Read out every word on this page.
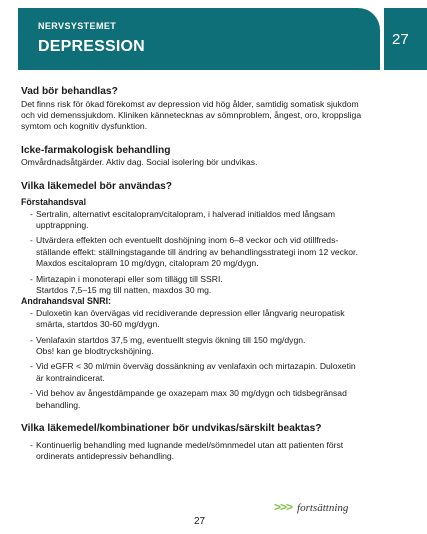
NERVSYSTEMET
DEPRESSION	27
Vad bör behandlas?
Det finns risk för ökad förekomst av depression vid hög ålder, samtidig somatisk sjukdom
och vid demenssjukdom. Kliniken kännetecknas av sömnproblem, ångest, oro, kroppsliga
symtom och kognitiv dysfunktion.
Icke-farmakologisk behandling
Omvårdnadsåtgärder. Aktiv dag. Social isolering bör undvikas.
Vilka läkemedel bör användas?
Förstahandsval
- Sertralin, alternativt escitalopram/citalopram, i halverad initialdos med långsam
upptrappning.
- Utvärdera effekten och eventuellt doshöjning inom 6–8 veckor och vid otillfreds-
ställande effekt: ställningstagande till ändring av behandlingsstrategi inom 12 veckor.
Maxdos escitalopram 10 mg/dygn, citalopram 20 mg/dygn.
- Mirtazapin i monoterapi eller som tillägg till SSRI.
Startdos 7,5–15 mg till natten, maxdos 30 mg.
Andrahandsval SNRI:
- Duloxetin kan övervägas vid recidiverande depression eller långvarig neuropatisk
smärta, startdos 30-60 mg/dygn.
- Venlafaxin startdos 37,5 mg, eventuellt stegvis ökning till 150 mg/dygn.
Obs! kan ge blodtryckshöjning.
- Vid eGFR < 30 ml/min överväg dossänkning av venlafaxin och mirtazapin. Duloxetin
är kontraindicerat.
- Vid behov av ångestdämpande ge oxazepam max 30 mg/dygn och tidsbegränsad
behandling.
Vilka läkemedel/kombinationer bör undvikas/särskilt beaktas?
- Kontinuerlig behandling med lugnande medel/sömnmedel utan att patienten först
ordinerats antidepressiv behandling.
>>> fortsättning
27
